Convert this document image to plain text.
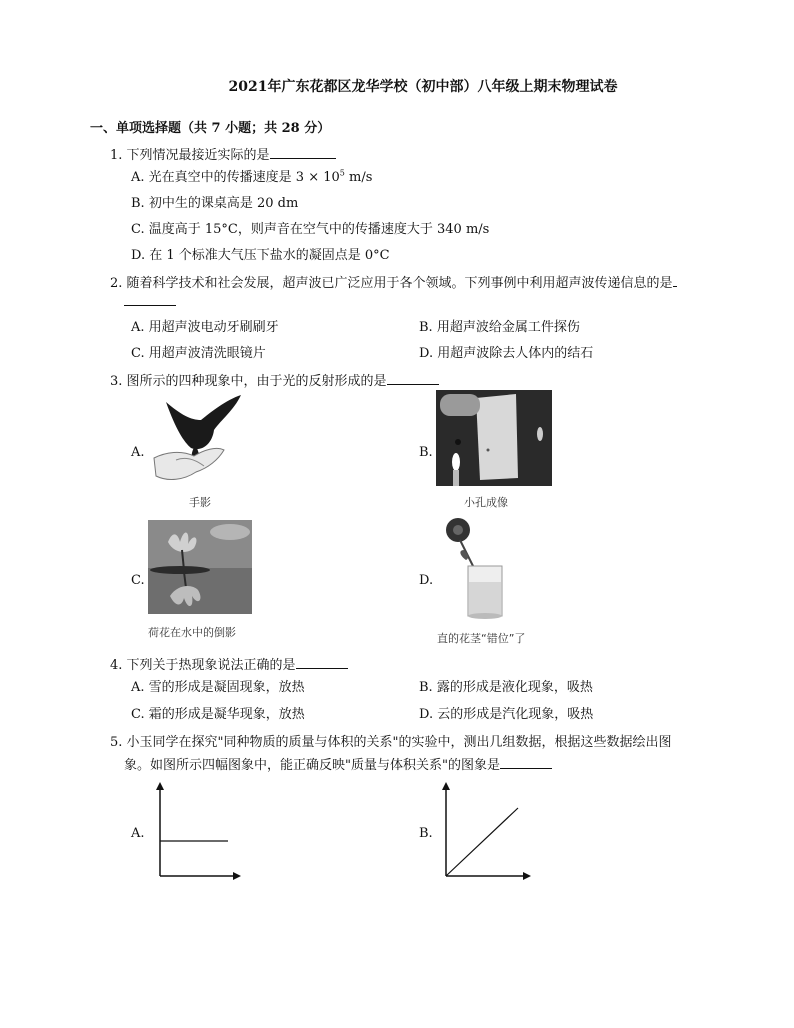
2021年广东花都区龙华学校（初中部）八年级上期末物理试卷
一、单项选择题（共 7 小题；共 28 分）
1. 下列情况最接近实际的是
A. 光在真空中的传播速度是 $3 \times 10^5$ m/s
B. 初中生的课桌高是 20 dm
C. 温度高于 15°C，则声音在空气中的传播速度大于 340 m/s
D. 在 1 个标准大气压下盐水的凝固点是 0°C
2. 随着科学技术和社会发展，超声波已广泛应用于各个领域。下列事例中利用超声波传递信息的是
A. 用超声波电动牙刷刷牙	B. 用超声波给金属工件探伤
C. 用超声波清洗眼镜片	D. 用超声波除去人体内的结石
3. 图所示的四种现象中，由于光的反射形成的是
A.
手影
B.
小孔成像
C.
荷花在水中的倒影
D.
直的花茎“错位”了
4. 下列关于热现象说法正确的是
A. 雪的形成是凝固现象，放热	B. 露的形成是液化现象，吸热
C. 霜的形成是凝华现象，放热	D. 云的形成是汽化现象，吸热
5. 小玉同学在探究"同种物质的质量与体积的关系"的实验中，测出几组数据，根据这些数据绘出图
象。如图所示四幅图象中，能正确反映"质量与体积关系"的图象是
A.	B.
